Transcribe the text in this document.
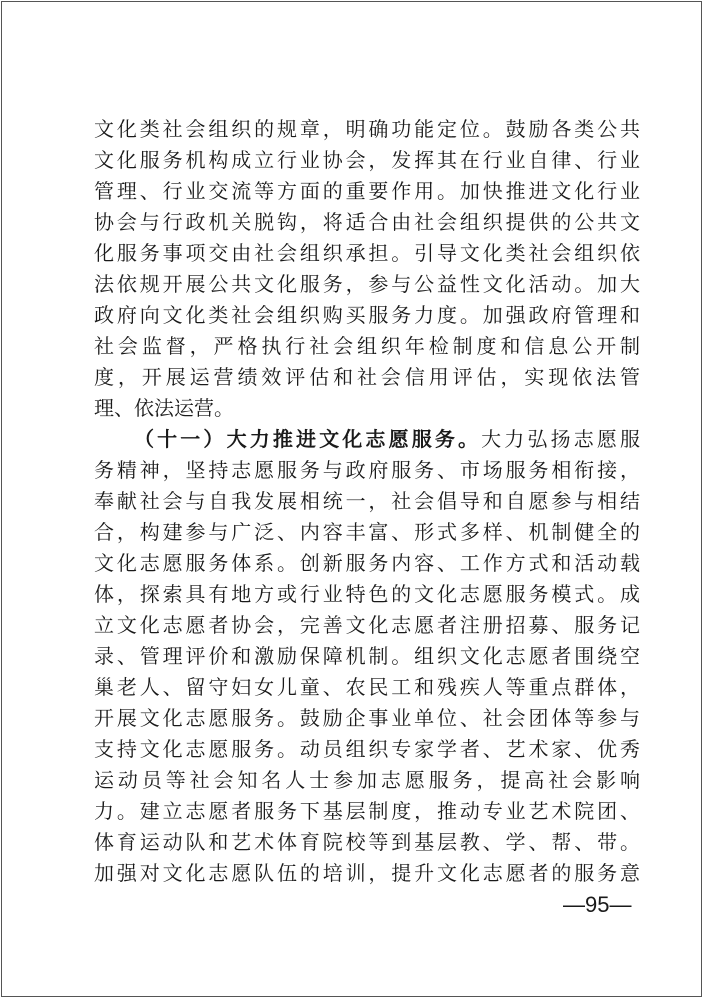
文化类社会组织的规章，明确功能定位。鼓励各类公共
文化服务机构成立行业协会，发挥其在行业自律、行业
管理、行业交流等方面的重要作用。加快推进文化行业
协会与行政机关脱钩，将适合由社会组织提供的公共文
化服务事项交由社会组织承担。引导文化类社会组织依
法依规开展公共文化服务，参与公益性文化活动。加大
政府向文化类社会组织购买服务力度。加强政府管理和
社会监督，严格执行社会组织年检制度和信息公开制
度，开展运营绩效评估和社会信用评估，实现依法管
理、依法运营。
（十一）大力推进文化志愿服务。大力弘扬志愿服
务精神，坚持志愿服务与政府服务、市场服务相衔接，
奉献社会与自我发展相统一，社会倡导和自愿参与相结
合，构建参与广泛、内容丰富、形式多样、机制健全的
文化志愿服务体系。创新服务内容、工作方式和活动载
体，探索具有地方或行业特色的文化志愿服务模式。成
立文化志愿者协会，完善文化志愿者注册招募、服务记
录、管理评价和激励保障机制。组织文化志愿者围绕空
巢老人、留守妇女儿童、农民工和残疾人等重点群体，
开展文化志愿服务。鼓励企事业单位、社会团体等参与
支持文化志愿服务。动员组织专家学者、艺术家、优秀
运动员等社会知名人士参加志愿服务，提高社会影响
力。建立志愿者服务下基层制度，推动专业艺术院团、
体育运动队和艺术体育院校等到基层教、学、帮、带。
加强对文化志愿队伍的培训，提升文化志愿者的服务意
—95—
